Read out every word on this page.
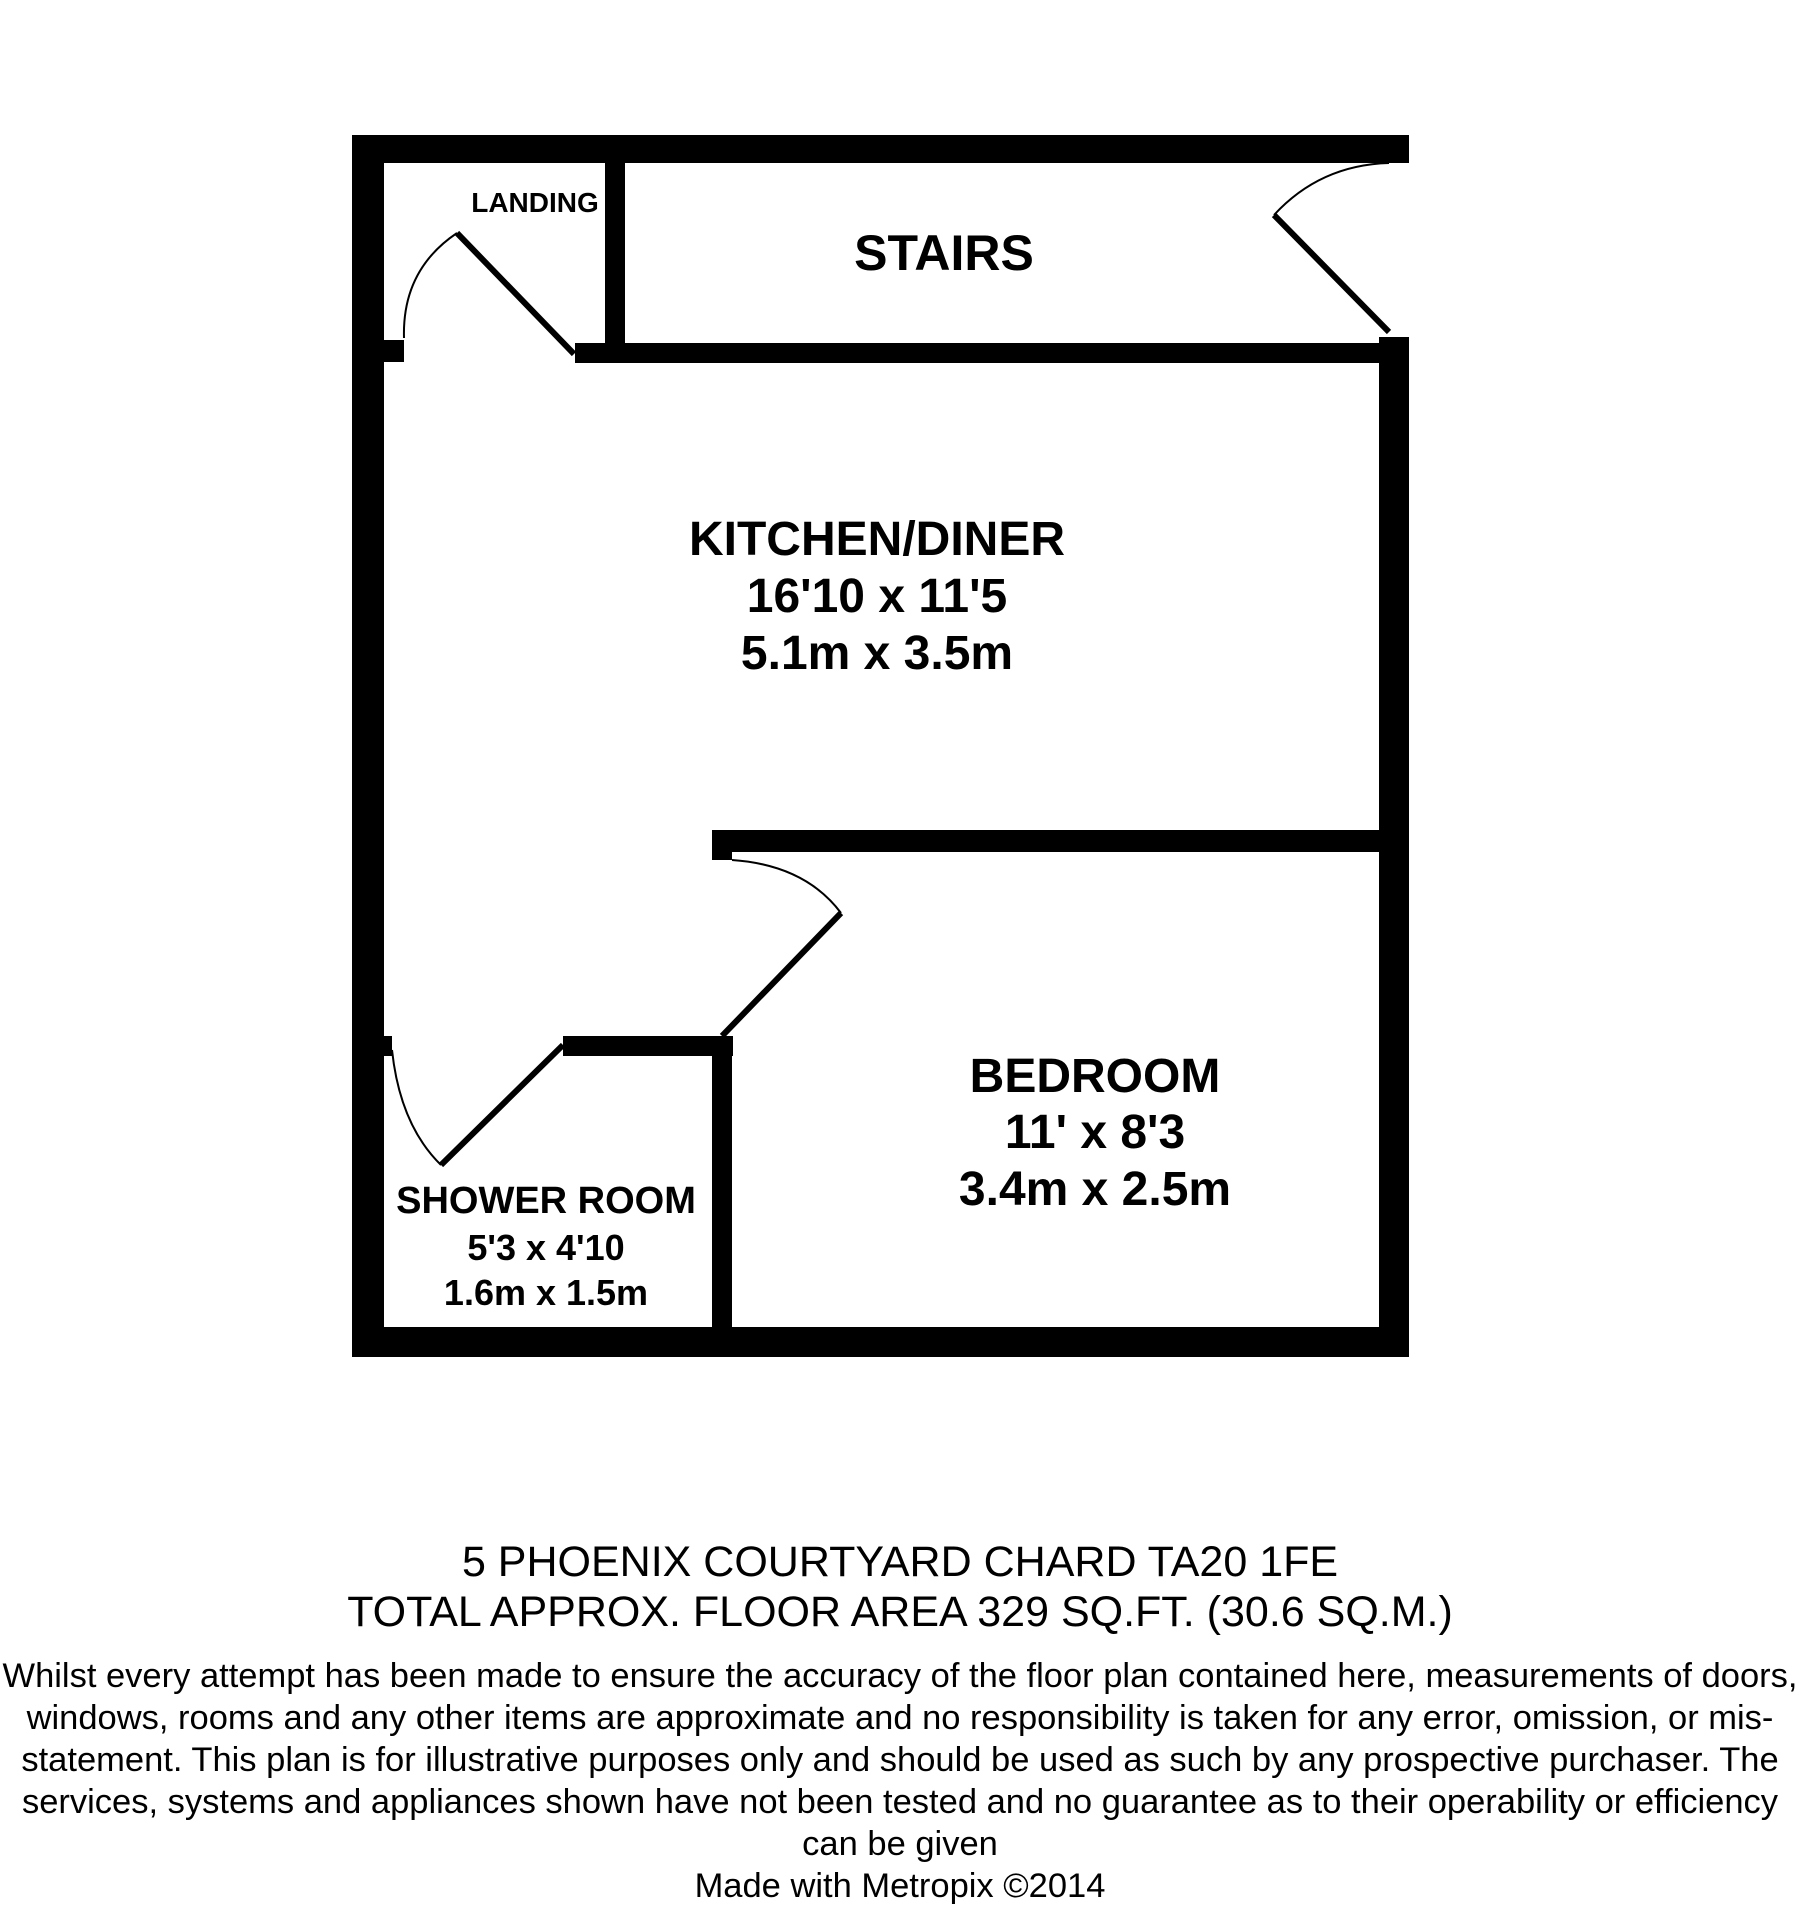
LANDING
STAIRS
KITCHEN/DINER
16'10 x 11'5
5.1m x 3.5m
BEDROOM
11' x 8'3
3.4m x 2.5m
SHOWER ROOM
5'3 x 4'10
1.6m x 1.5m

5 PHOENIX COURTYARD CHARD TA20 1FE

TOTAL APPROX. FLOOR AREA 329 SQ.FT. (30.6 SQ.M.)

Whilst every attempt has been made to ensure the accuracy of the floor plan contained here, measurements of doors, windows, rooms and any other items are approximate and no responsibility is taken for any error, omission, or mis-statement. This plan is for illustrative purposes only and should be used as such by any prospective purchaser. The services, systems and appliances shown have not been tested and no guarantee as to their operability or efficiency can be given

Made with Metropix ©2014
